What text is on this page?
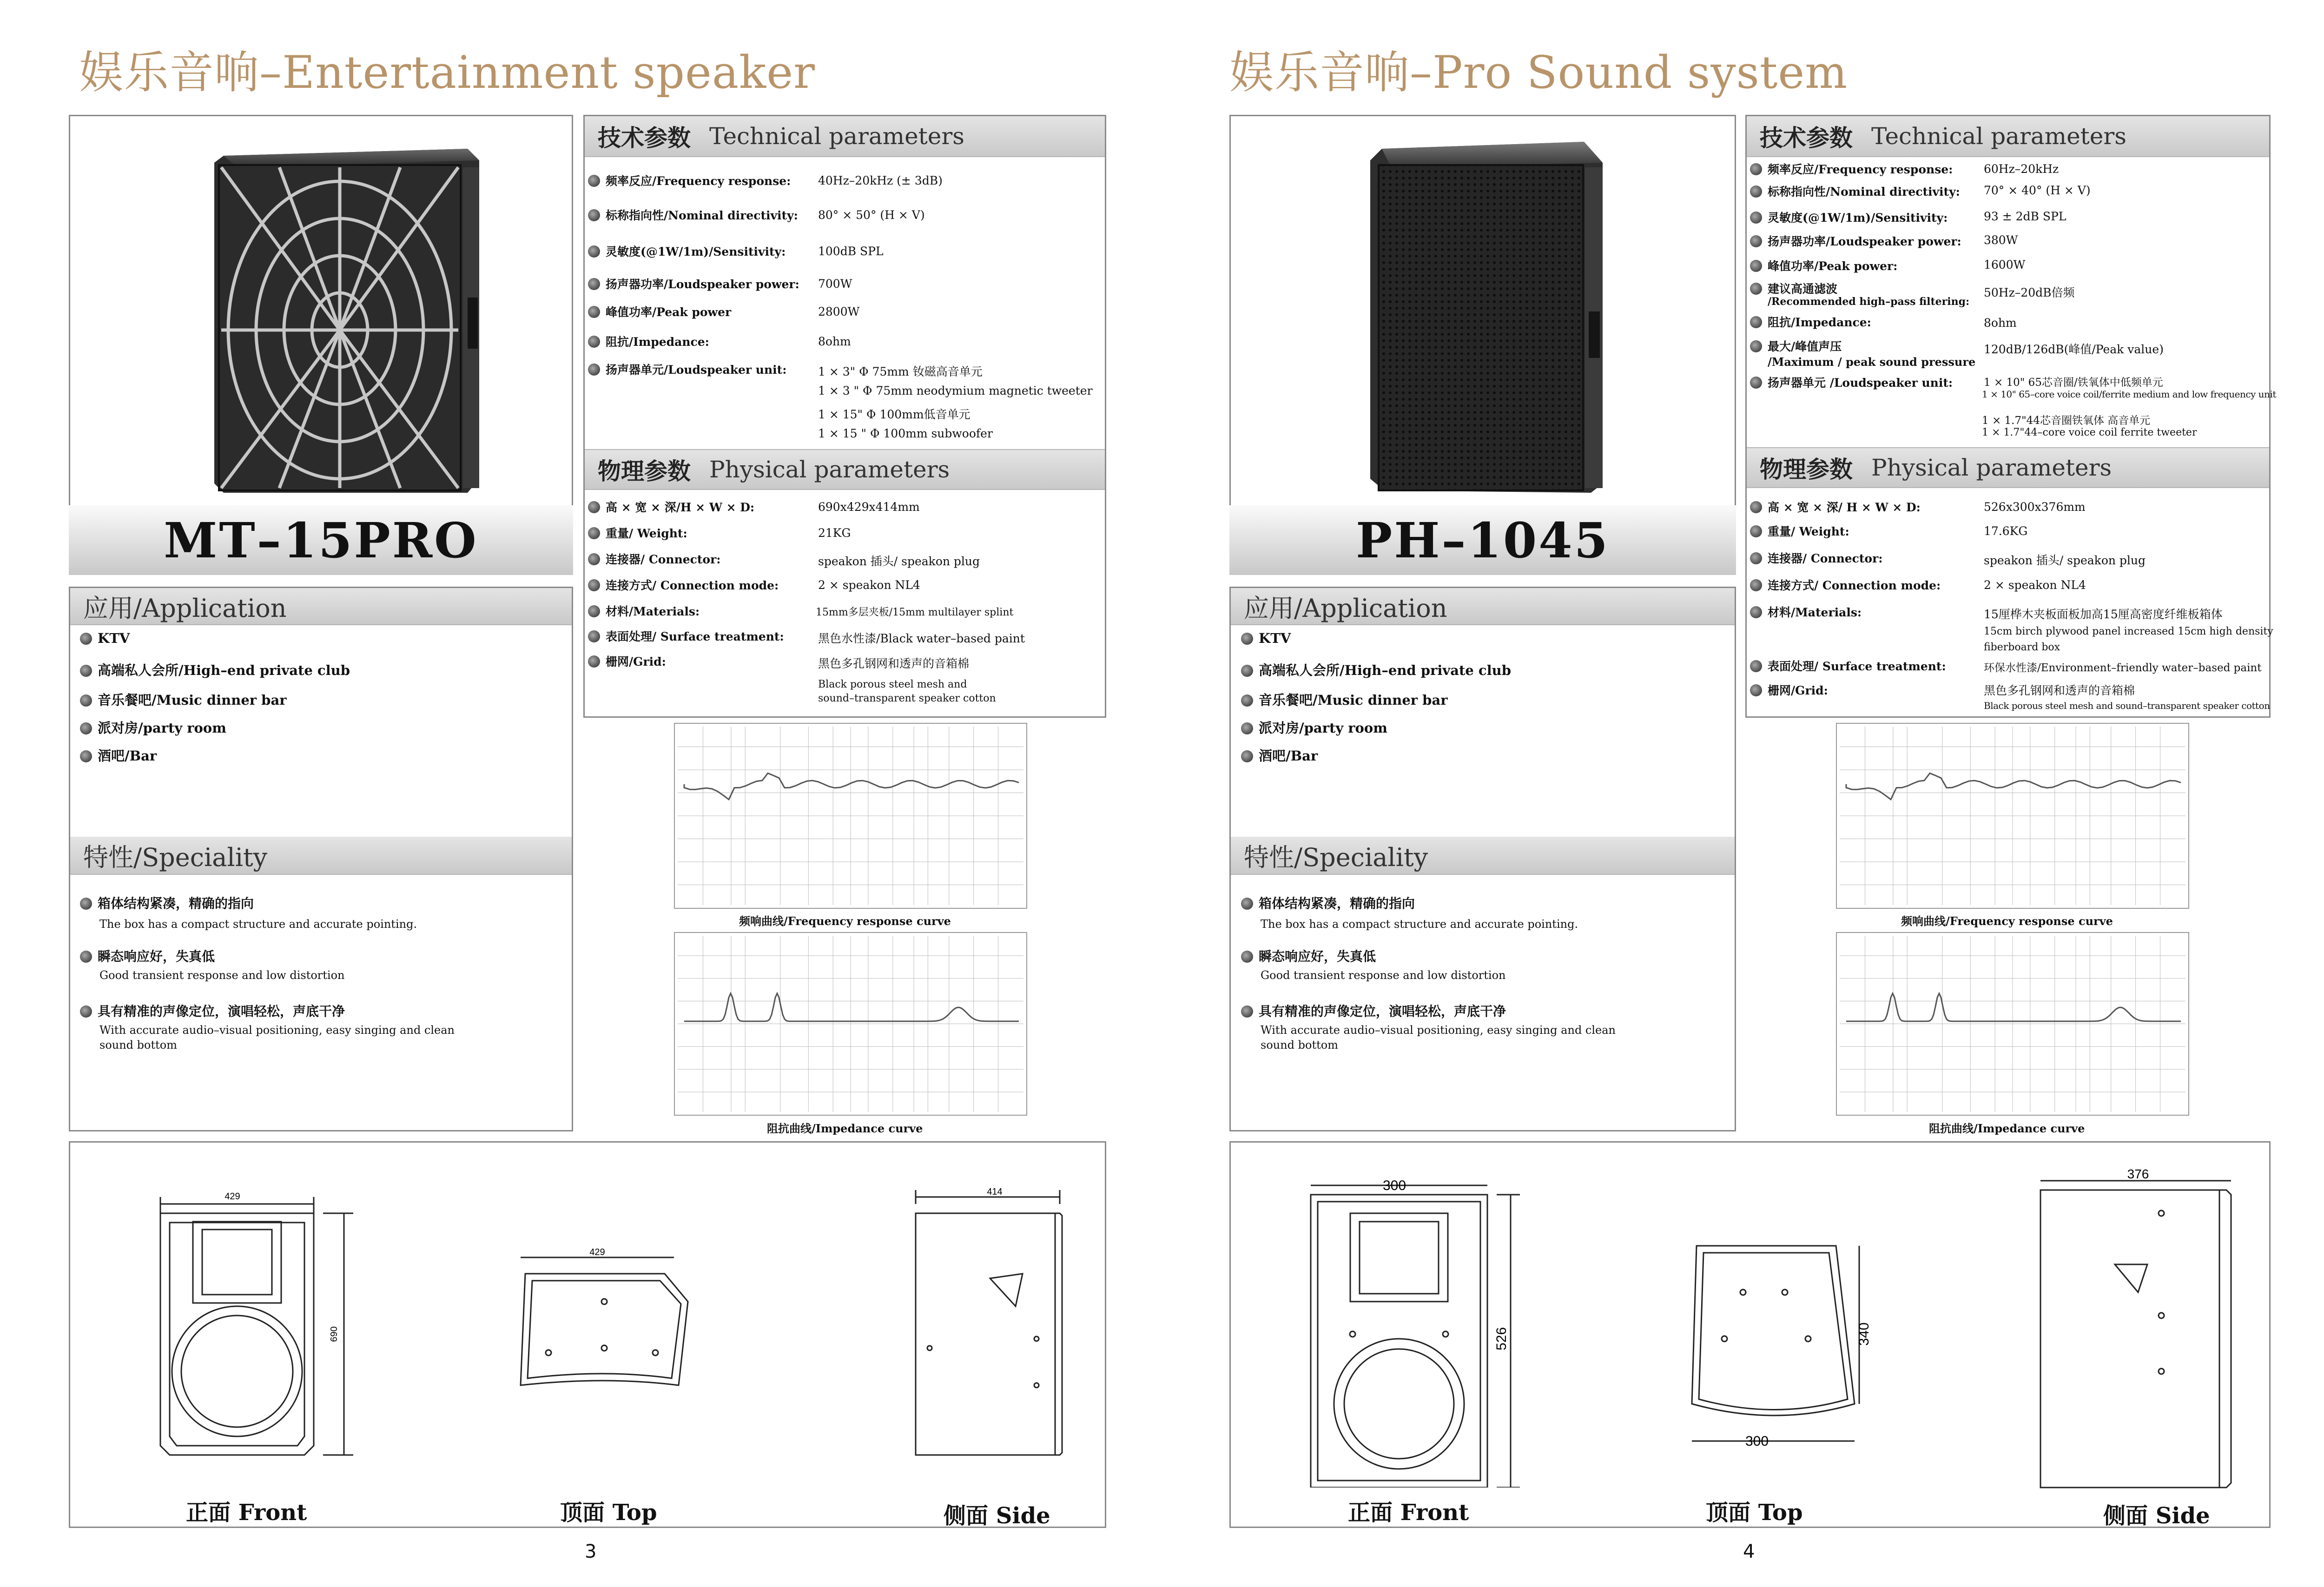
娱乐音响–Entertainment speaker
MT–15PRO
应用/Application
KTV
高端私人会所/High–end private club
音乐餐吧/Music dinner bar
派对房/party room
酒吧/Bar
特性/Speciality
箱体结构紧凑，精确的指向
The box has a compact structure and accurate pointing.
瞬态响应好，失真低
Good transient response and low distortion
具有精准的声像定位，演唱轻松，声底干净
With accurate audio–visual positioning, easy singing and clean sound bottom
技术参数 Technical parameters
频率反应/Frequency response: 40Hz–20kHz (± 3dB)
标称指向性/Nominal directivity: 80° × 50° (H × V)
灵敏度(@1W/1m)/Sensitivity:	100dB SPL
扬声器功率/Loudspeaker power: 700W
峰值功率/Peak power	2800W
阻抗/Impedance:	8ohm
扬声器单元/Loudspeaker unit:	1 × 3" Φ 75mm 钕磁高音单元
1 × 3 " Φ 75mm neodymium magnetic tweeter
1 × 15" Φ 100mm低音单元
1 × 15 " Φ 100mm subwoofer
物理参数 Physical parameters
高 × 宽 × 深/H × W × D:	690x429x414mm
重量/ Weight:	21KG
连接器/ Connector:	speakon 插头/ speakon plug
连接方式/ Connection mode:	2 × speakon NL4
材料/Materials:	15mm多层夹板/15mm multilayer splint
表面处理/ Surface treatment:	黑色水性漆/Black water–based paint
栅网/Grid:	黑色多孔钢网和透声的音箱棉
Black porous steel mesh and
sound–transparent speaker cotton
频响曲线/Frequency response curve
阻抗曲线/Impedance curve
429
690
429
414
正面 Front	顶面 Top	侧面 Side
3
娱乐音响–Pro Sound system
PH–1045
应用/Application
KTV
高端私人会所/High–end private club
音乐餐吧/Music dinner bar
派对房/party room
酒吧/Bar
特性/Speciality
箱体结构紧凑，精确的指向
The box has a compact structure and accurate pointing.
瞬态响应好，失真低
Good transient response and low distortion
具有精准的声像定位，演唱轻松，声底干净
With accurate audio–visual positioning, easy singing and clean sound bottom
技术参数 Technical parameters
频率反应/Frequency response:	60Hz–20kHz
标称指向性/Nominal directivity: 70° × 40° (H × V)
灵敏度(@1W/1m)/Sensitivity:	93 ± 2dB SPL
扬声器功率/Loudspeaker power: 380W
峰值功率/Peak power:	1600W
建议高通滤波
/Recommended high–pass filtering:
50Hz–20dB倍频
阻抗/Impedance:	8ohm
最大/峰值声压
/Maximum / peak sound pressure
120dB/126dB(峰值/Peak value)
扬声器单元 /Loudspeaker unit:	1 × 10" 65芯音圈/铁氧体中低频单元
1 × 10" 65–core voice coil/ferrite medium and low frequency unit
1 × 1.7"44芯音圈铁氧体 高音单元
1 × 1.7"44–core voice coil ferrite tweeter
物理参数 Physical parameters
高 × 宽 × 深/ H × W × D:	526x300x376mm
重量/ Weight:	17.6KG
连接器/ Connector:	speakon 插头/ speakon plug
连接方式/ Connection mode:	2 × speakon NL4
材料/Materials:	15厘桦木夹板面板加高15厘高密度纤维板箱体
15cm birch plywood panel increased 15cm high density
fiberboard box
表面处理/ Surface treatment:	环保水性漆/Environment–friendly water–based paint
栅网/Grid:	黑色多孔钢网和透声的音箱棉
Black porous steel mesh and sound–transparent speaker cotton
频响曲线/Frequency response curve
阻抗曲线/Impedance curve
300
526
300
340
376
正面 Front	顶面 Top	侧面 Side
4
